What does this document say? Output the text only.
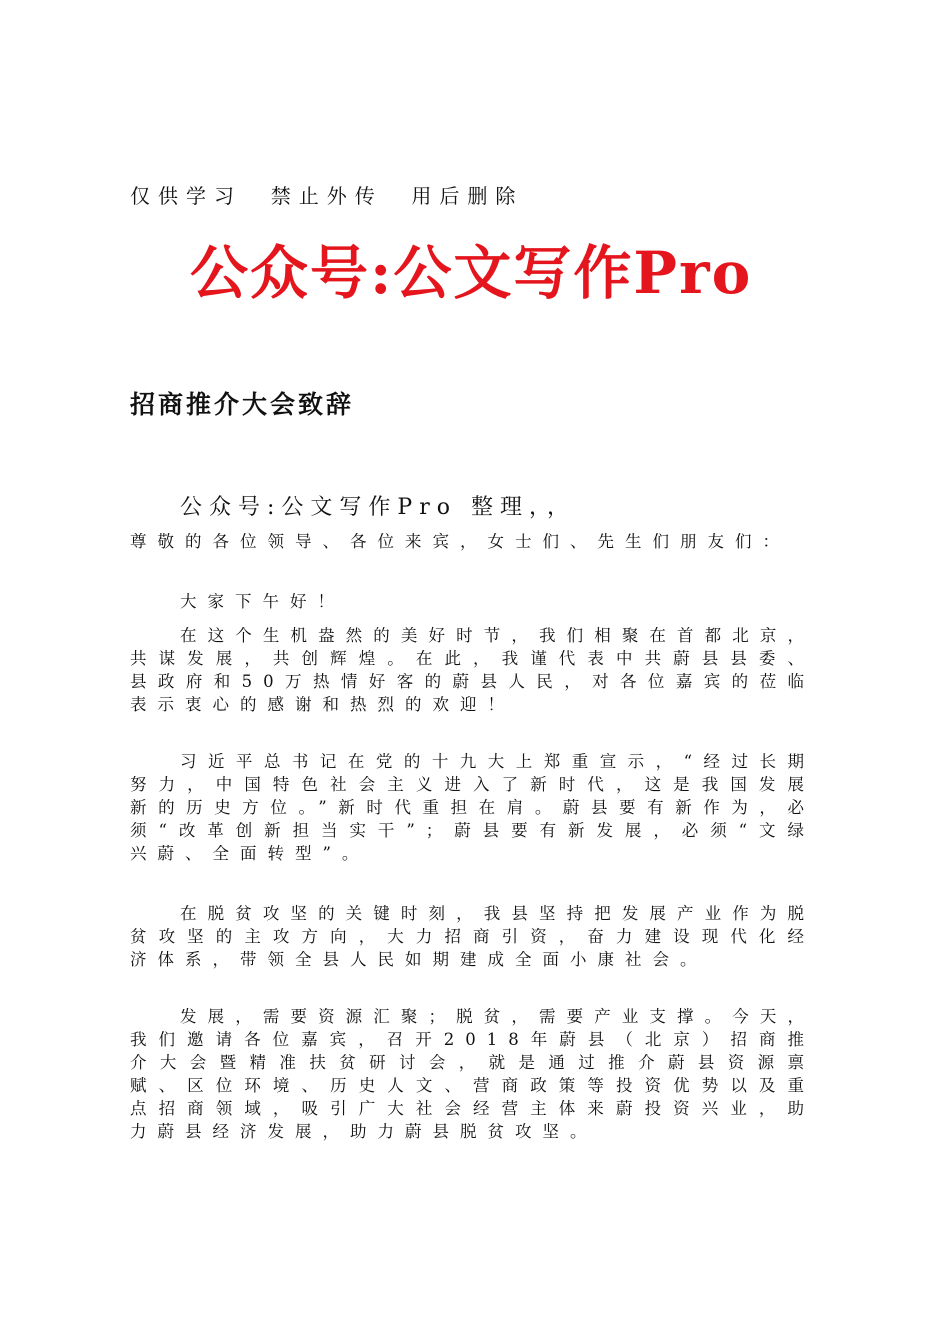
仅供学习  禁止外传  用后删除
公众号:公文写作Pro
招商推介大会致辞
公众号:公文写作Pro 整理，，
尊敬的各位领导、各位来宾，女士们、先生们朋友们：
大家下午好！
在这个生机盎然的美好时节，我们相聚在首都北京，共谋发展，共创辉煌。在此，我谨代表中共蔚县县委、县政府和50万热情好客的蔚县人民，对各位嘉宾的莅临表示衷心的感谢和热烈的欢迎！
习近平总书记在党的十九大上郑重宣示，“经过长期努力，中国特色社会主义进入了新时代，这是我国发展新的历史方位。”新时代重担在肩。蔚县要有新作为，必须“改革创新担当实干”；蔚县要有新发展，必须“文绿兴蔚、全面转型”。
在脱贫攻坚的关键时刻，我县坚持把发展产业作为脱贫攻坚的主攻方向，大力招商引资，奋力建设现代化经济体系，带领全县人民如期建成全面小康社会。
发展，需要资源汇聚；脱贫，需要产业支撑。今天，我们邀请各位嘉宾，召开2018年蔚县（北京）招商推介大会暨精准扶贫研讨会，就是通过推介蔚县资源禀赋、区位环境、历史人文、营商政策等投资优势以及重点招商领域，吸引广大社会经营主体来蔚投资兴业，助力蔚县经济发展，助力蔚县脱贫攻坚。
